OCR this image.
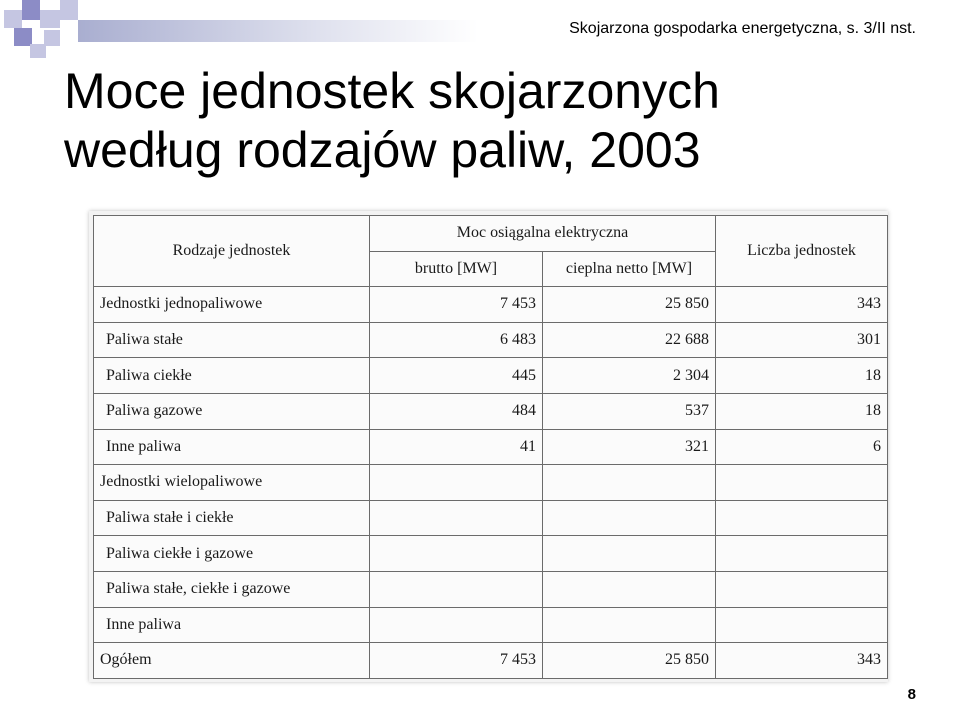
Skojarzona gospodarka energetyczna, s. 3/II nst.
Moce jednostek skojarzonych
według rodzajów paliw, 2003
Rodzaje jednostek	Moc osiągalna elektryczna		Liczba jednostek
	brutto [MW]	cieplna netto [MW]	
Jednostki jednopaliwowe	7 453	25 850	343
Paliwa stałe	6 483	22 688	301
Paliwa ciekłe	445	2 304	18
Paliwa gazowe	484	537	18
Inne paliwa	41	321	6
Jednostki wielopaliwowe			
Paliwa stałe i ciekłe			
Paliwa ciekłe i gazowe			
Paliwa stałe, ciekłe i gazowe			
Inne paliwa			
Ogółem	7 453	25 850	343
8
